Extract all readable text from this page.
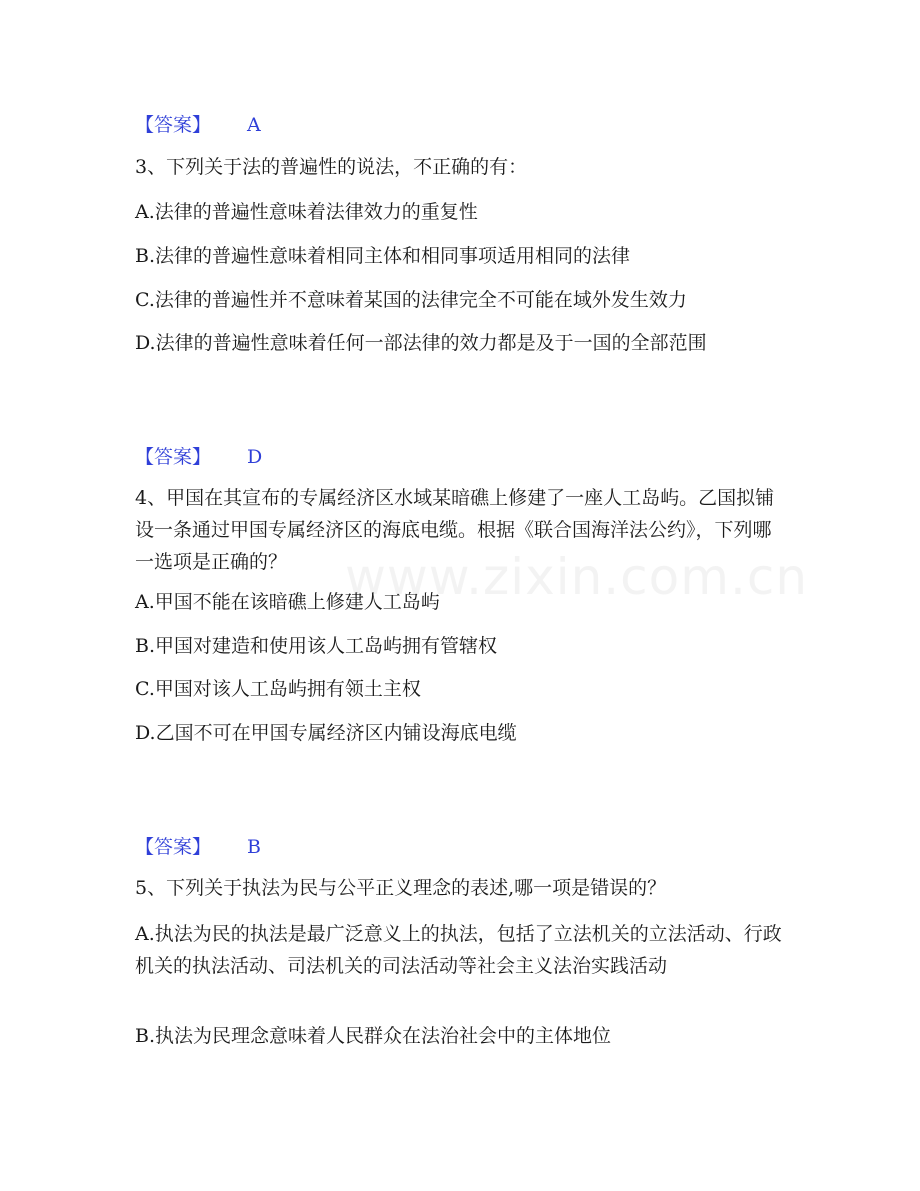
www.zixin.com.cn
【答案】 A
3、下列关于法的普遍性的说法，不正确的有：
A.法律的普遍性意味着法律效力的重复性
B.法律的普遍性意味着相同主体和相同事项适用相同的法律
C.法律的普遍性并不意味着某国的法律完全不可能在域外发生效力
D.法律的普遍性意味着任何一部法律的效力都是及于一国的全部范围
【答案】 D
4、甲国在其宣布的专属经济区水域某暗礁上修建了一座人工岛屿。乙国拟铺设一条通过甲国专属经济区的海底电缆。根据《联合国海洋法公约》，下列哪一选项是正确的？
A.甲国不能在该暗礁上修建人工岛屿
B.甲国对建造和使用该人工岛屿拥有管辖权
C.甲国对该人工岛屿拥有领土主权
D.乙国不可在甲国专属经济区内铺设海底电缆
【答案】 B
5、下列关于执法为民与公平正义理念的表述,哪一项是错误的？
A.执法为民的执法是最广泛意义上的执法，包括了立法机关的立法活动、行政机关的执法活动、司法机关的司法活动等社会主义法治实践活动
B.执法为民理念意味着人民群众在法治社会中的主体地位
